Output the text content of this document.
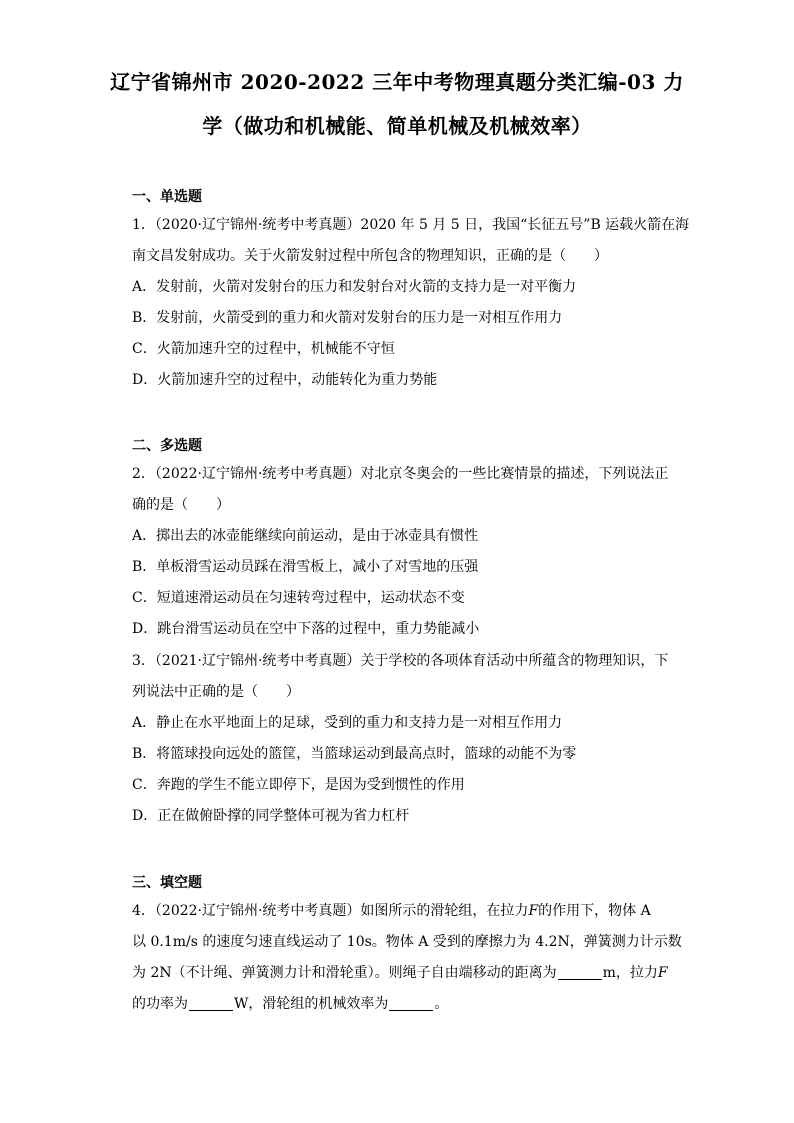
辽宁省锦州市 2020-2022 三年中考物理真题分类汇编-03 力
学（做功和机械能、简单机械及机械效率）
一、单选题
1．（2020·辽宁锦州·统考中考真题）2020 年 5 月 5 日，我国“长征五号”B 运载火箭在海
南文昌发射成功。关于火箭发射过程中所包含的物理知识，正确的是（　　）
A．发射前，火箭对发射台的压力和发射台对火箭的支持力是一对平衡力
B．发射前，火箭受到的重力和火箭对发射台的压力是一对相互作用力
C．火箭加速升空的过程中，机械能不守恒
D．火箭加速升空的过程中，动能转化为重力势能
二、多选题
2．（2022·辽宁锦州·统考中考真题）对北京冬奥会的一些比赛情景的描述，下列说法正
确的是（　　）
A．掷出去的冰壶能继续向前运动，是由于冰壶具有惯性
B．单板滑雪运动员踩在滑雪板上，减小了对雪地的压强
C．短道速滑运动员在匀速转弯过程中，运动状态不变
D．跳台滑雪运动员在空中下落的过程中，重力势能减小
3．（2021·辽宁锦州·统考中考真题）关于学校的各项体育活动中所蕴含的物理知识，下
列说法中正确的是（　　）
A．静止在水平地面上的足球，受到的重力和支持力是一对相互作用力
B．将篮球投向远处的篮筐，当篮球运动到最高点时，篮球的动能不为零
C．奔跑的学生不能立即停下，是因为受到惯性的作用
D．正在做俯卧撑的同学整体可视为省力杠杆
三、填空题
4．（2022·辽宁锦州·统考中考真题）如图所示的滑轮组，在拉力F的作用下，物体 A
以 0.1m/s 的速度匀速直线运动了 10s。物体 A 受到的摩擦力为 4.2N，弹簧测力计示数
为 2N（不计绳、弹簧测力计和滑轮重）。则绳子自由端移动的距离为	m，拉力F
的功率为	W，滑轮组的机械效率为	。
